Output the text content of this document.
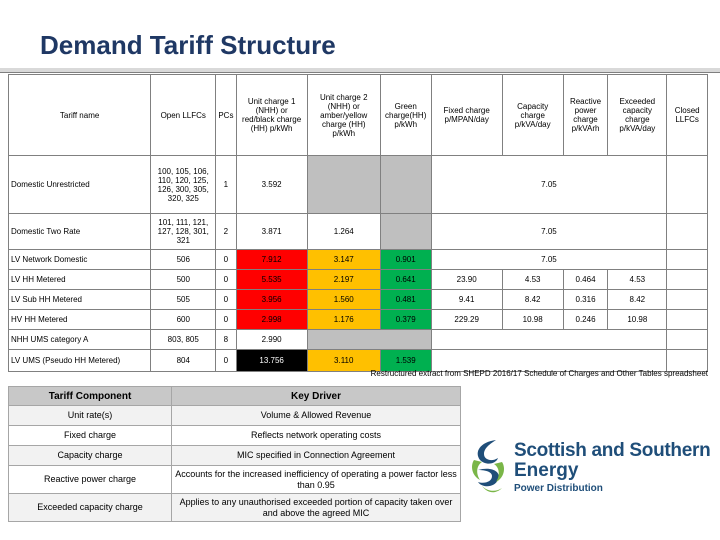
Demand Tariff Structure
Tariff name	Open LLFCs	PCs	Unit charge 1 (NHH) or red/black charge (HH) p/kWh	Unit charge 2 (NHH) or amber/yellow charge (HH) p/kWh	Green charge(HH) p/kWh	Fixed charge p/MPAN/day	Capacity charge p/kVA/day	Reactive power charge p/kVArh	Exceeded capacity charge p/kVA/day	Closed LLFCs
Domestic Unrestricted	100, 105, 106, 110, 120, 125, 126, 300, 305, 320, 325	1	3.592			7.05				
Domestic Two Rate	101, 111, 121, 127, 128, 301, 321	2	3.871	1.264		7.05				
LV Network Domestic	506	0	7.912	3.147	0.901	7.05				
LV HH Metered	500	0	5.535	2.197	0.641	23.90	4.53	0.464	4.53	
LV Sub HH Metered	505	0	3.956	1.560	0.481	9.41	8.42	0.316	8.42	
HV HH Metered	600	0	2.998	1.176	0.379	229.29	10.98	0.246	10.98	
NHH UMS category A	803, 805	8	2.990							
LV UMS (Pseudo HH Metered)	804	0	13.756	3.110	1.539					
Restructured extract from SHEPD 2016/17 Schedule of Charges and Other Tables spreadsheet
Tariff Component	Key Driver
Unit rate(s)	Volume & Allowed Revenue
Fixed charge	Reflects network operating costs
Capacity charge	MIC specified in Connection Agreement
Reactive power charge	Accounts for the increased inefficiency of operating a power factor less than 0.95
Exceeded capacity charge	Applies to any unauthorised exceeded portion of capacity taken over and above the agreed MIC
Scottish and Southern
Energy
Power Distribution
